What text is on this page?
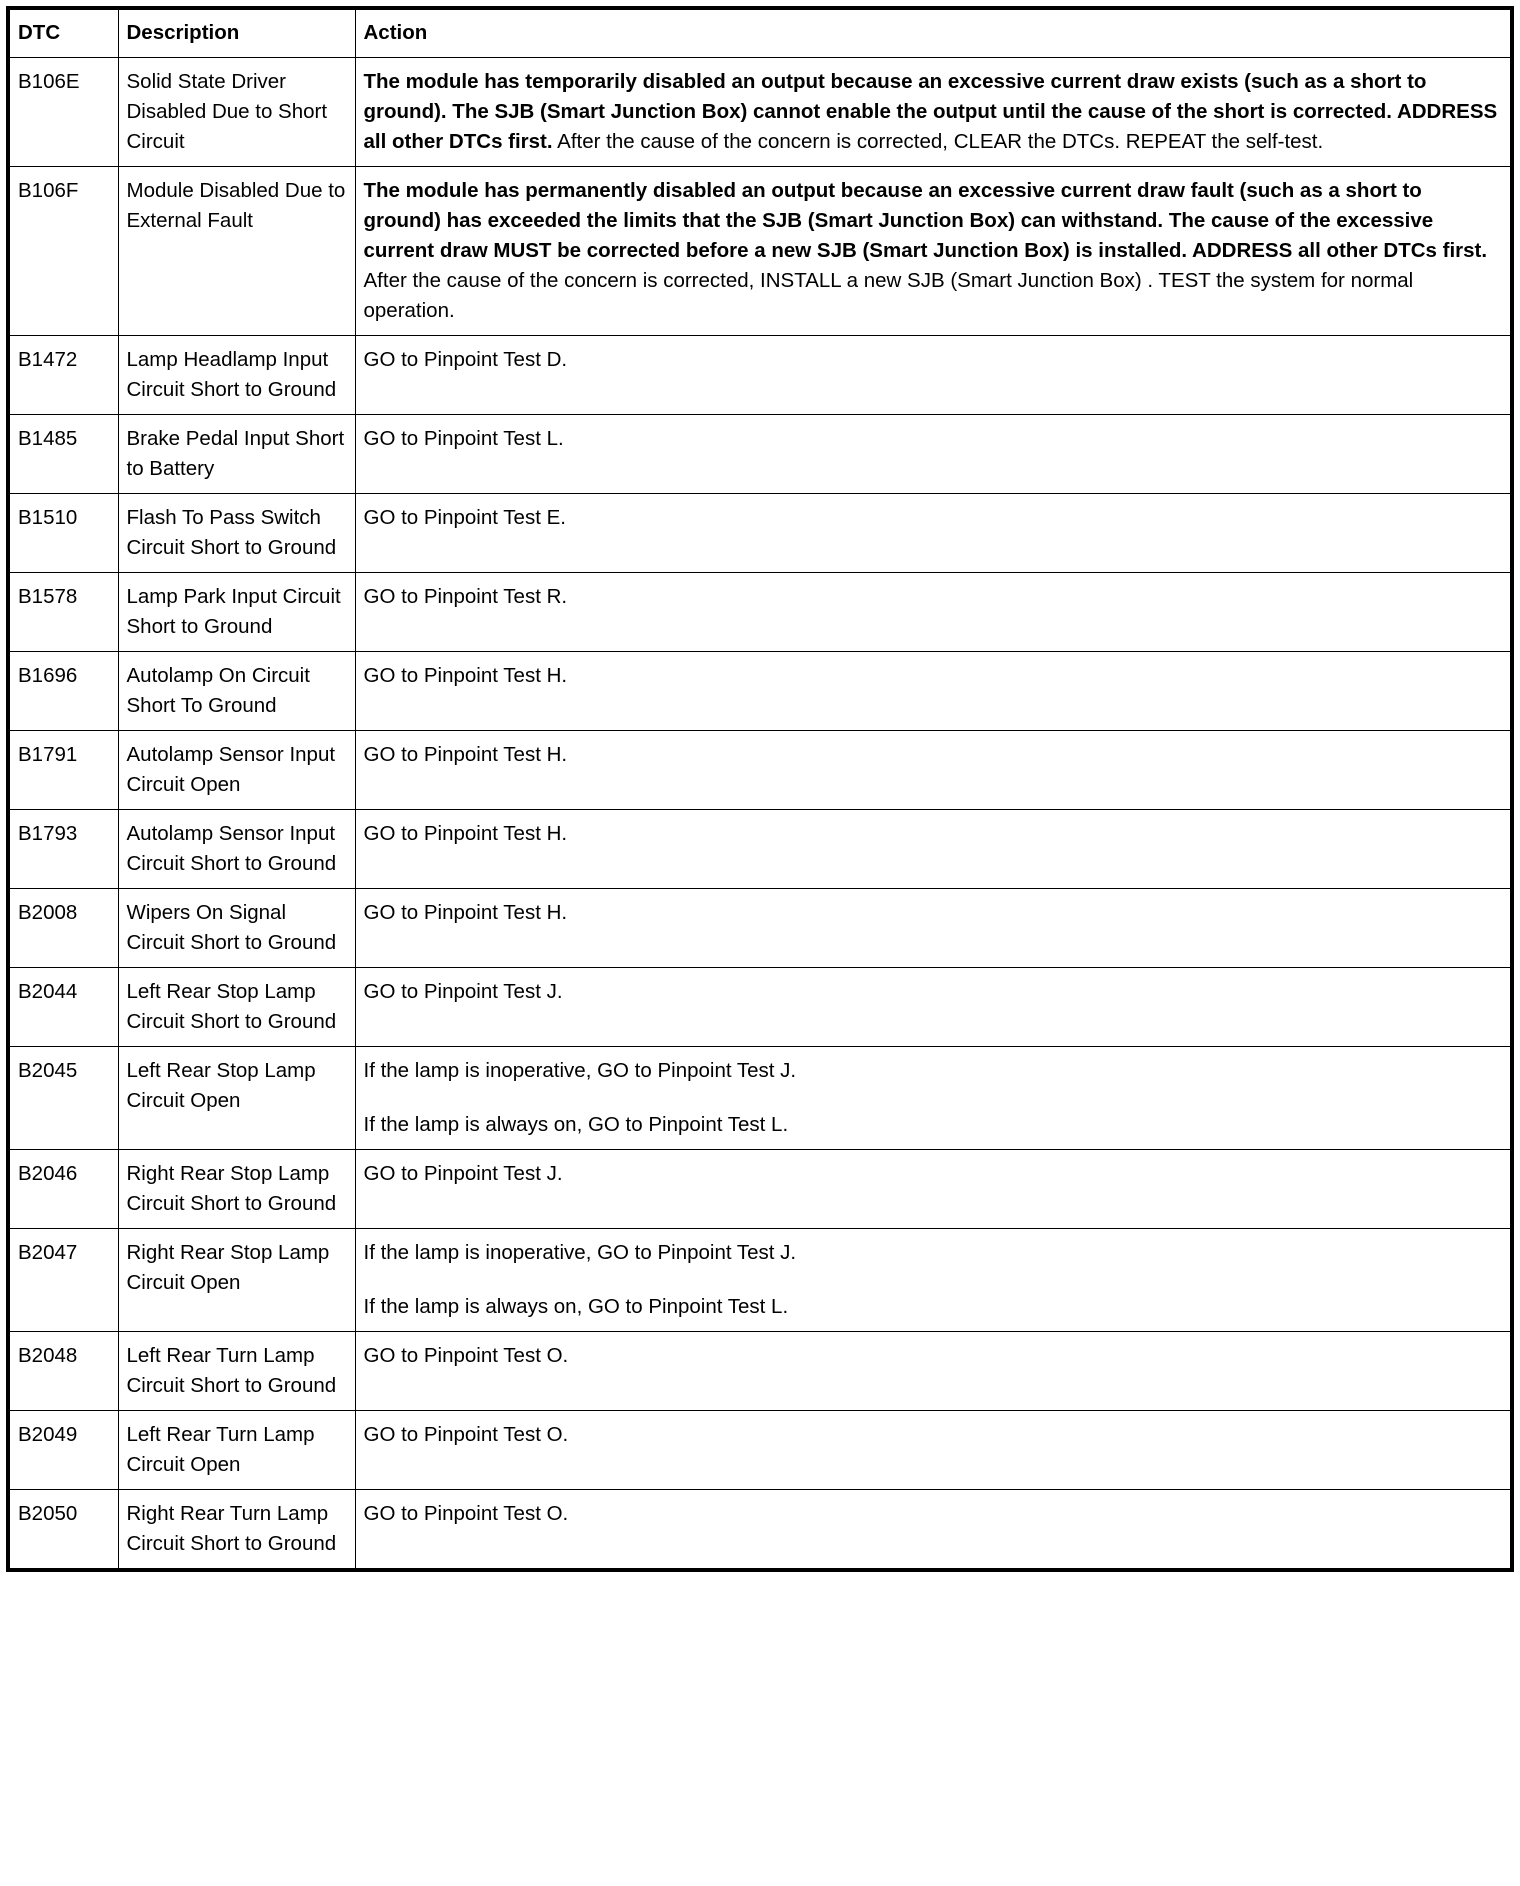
DTC	Description	Action
B106E	Solid State Driver Disabled Due to Short Circuit	The module has temporarily disabled an output because an excessive current draw exists (such as a short to ground). The SJB (Smart Junction Box) cannot enable the output until the cause of the short is corrected. ADDRESS all other DTCs first. After the cause of the concern is corrected, CLEAR the DTCs. REPEAT the self-test.

B106F	Module Disabled Due to External Fault	The module has permanently disabled an output because an excessive current draw fault (such as a short to ground) has exceeded the limits that the SJB (Smart Junction Box) can withstand. The cause of the excessive current draw MUST be corrected before a new SJB (Smart Junction Box) is installed. ADDRESS all other DTCs first. After the cause of the concern is corrected, INSTALL a new SJB (Smart Junction Box) . TEST the system for normal operation.

B1472	Lamp Headlamp Input Circuit Short to Ground	GO to Pinpoint Test D.

B1485	Brake Pedal Input Short to Battery	GO to Pinpoint Test L.

B1510	Flash To Pass Switch Circuit Short to Ground	GO to Pinpoint Test E.

B1578	Lamp Park Input Circuit Short to Ground	GO to Pinpoint Test R.

B1696	Autolamp On Circuit Short To Ground	GO to Pinpoint Test H.

B1791	Autolamp Sensor Input Circuit Open	GO to Pinpoint Test H.

B1793	Autolamp Sensor Input Circuit Short to Ground	GO to Pinpoint Test H.

B2008	Wipers On Signal Circuit Short to Ground	GO to Pinpoint Test H.

B2044	Left Rear Stop Lamp Circuit Short to Ground	GO to Pinpoint Test J.

B2045	Left Rear Stop Lamp Circuit Open	If the lamp is inoperative, GO to Pinpoint Test J.

If the lamp is always on, GO to Pinpoint Test L.

B2046	Right Rear Stop Lamp Circuit Short to Ground	GO to Pinpoint Test J.

B2047	Right Rear Stop Lamp Circuit Open	If the lamp is inoperative, GO to Pinpoint Test J.

If the lamp is always on, GO to Pinpoint Test L.

B2048	Left Rear Turn Lamp Circuit Short to Ground	GO to Pinpoint Test O.

B2049	Left Rear Turn Lamp Circuit Open	GO to Pinpoint Test O.

B2050	Right Rear Turn Lamp Circuit Short to Ground	GO to Pinpoint Test O.
